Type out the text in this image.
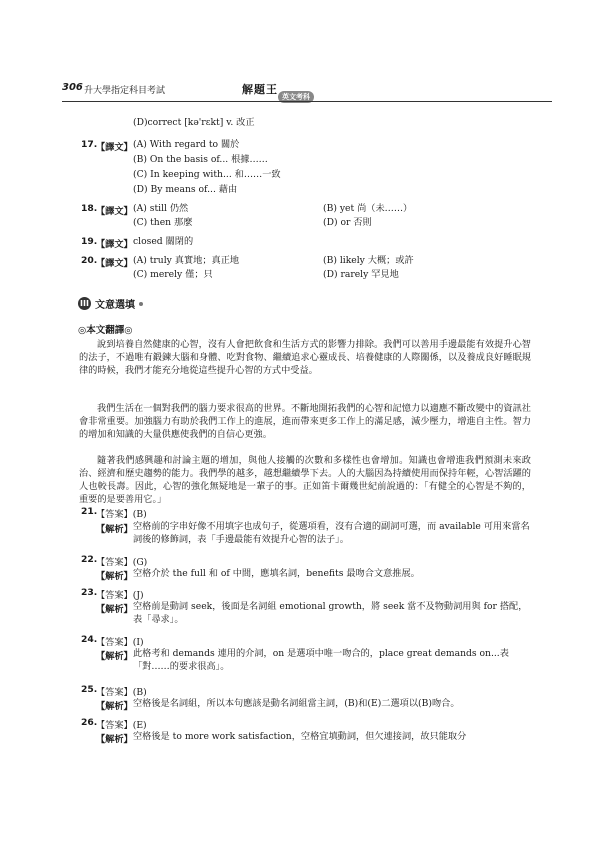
306 升大學指定科目考試	解題王
英文考科
(D)correct [kə'rɛkt] v. 改正
17.
【譯文】 (A) With regard to 關於
(B) On the basis of... 根據……
(C) In keeping with... 和……一致
(D) By means of... 藉由
18.
【譯文】 (A) still 仍然	(B) yet 尚（未……）
(C) then 那麼	(D) or 否則
19.
【譯文】 closed 關閉的
20.
【譯文】 (A) truly 真實地；真正地	(B) likely 大概；或許
(C) merely 僅；只	(D) rarely 罕見地
III 文意選填
◎本文翻譯◎
說到培養自然健康的心智，沒有人會把飲食和生活方式的影響力排除。我們可以善用手邊最能有效提升心智的法子，不過唯有鍛鍊大腦和身體、吃對食物、繼續追求心靈成長、培養健康的人際關係，以及養成良好睡眠規律的時候，我們才能充分地從這些提升心智的方式中受益。
我們生活在一個對我們的腦力要求很高的世界。不斷地開拓我們的心智和記憶力以適應不斷改變中的資訊社會非常重要。加強腦力有助於我們工作上的進展，進而帶來更多工作上的滿足感，減少壓力，增進自主性。智力的增加和知識的大量供應使我們的自信心更強。
隨著我們感興趣和討論主題的增加，與他人接觸的次數和多樣性也會增加。知識也會增進我們預測未來政治、經濟和歷史趨勢的能力。我們學的越多，越想繼續學下去。人的大腦因為持續使用而保持年輕，心智活躍的人也較長壽。因此，心智的強化無疑地是一輩子的事。正如笛卡爾幾世紀前說過的：「有健全的心智是不夠的，重要的是要善用它。」
21.
【答案】(B)
【解析】 空格前的字串好像不用填字也成句子，從選項看，沒有合適的副詞可選，而 available 可用來當名詞後的修飾詞，表「手邊最能有效提升心智的法子」。
22.
【答案】(G)
【解析】 空格介於 the full 和 of 中間，應填名詞，benefits 最吻合文意推展。
23.
【答案】(J)
【解析】 空格前是動詞 seek，後面是名詞組 emotional growth，將 seek 當不及物動詞用與 for 搭配，表「尋求」。
24.
【答案】(I)
【解析】 此格考和 demands 連用的介詞，on 是選項中唯一吻合的，place great demands on...表「對……的要求很高」。
25.
【答案】(B)
【解析】 空格後是名詞組，所以本句應該是動名詞組當主詞，(B)和(E)二選項以(B)吻合。
26.
【答案】(E)
【解析】 空格後是 to more work satisfaction，空格宜填動詞，但欠連接詞，故只能取分
